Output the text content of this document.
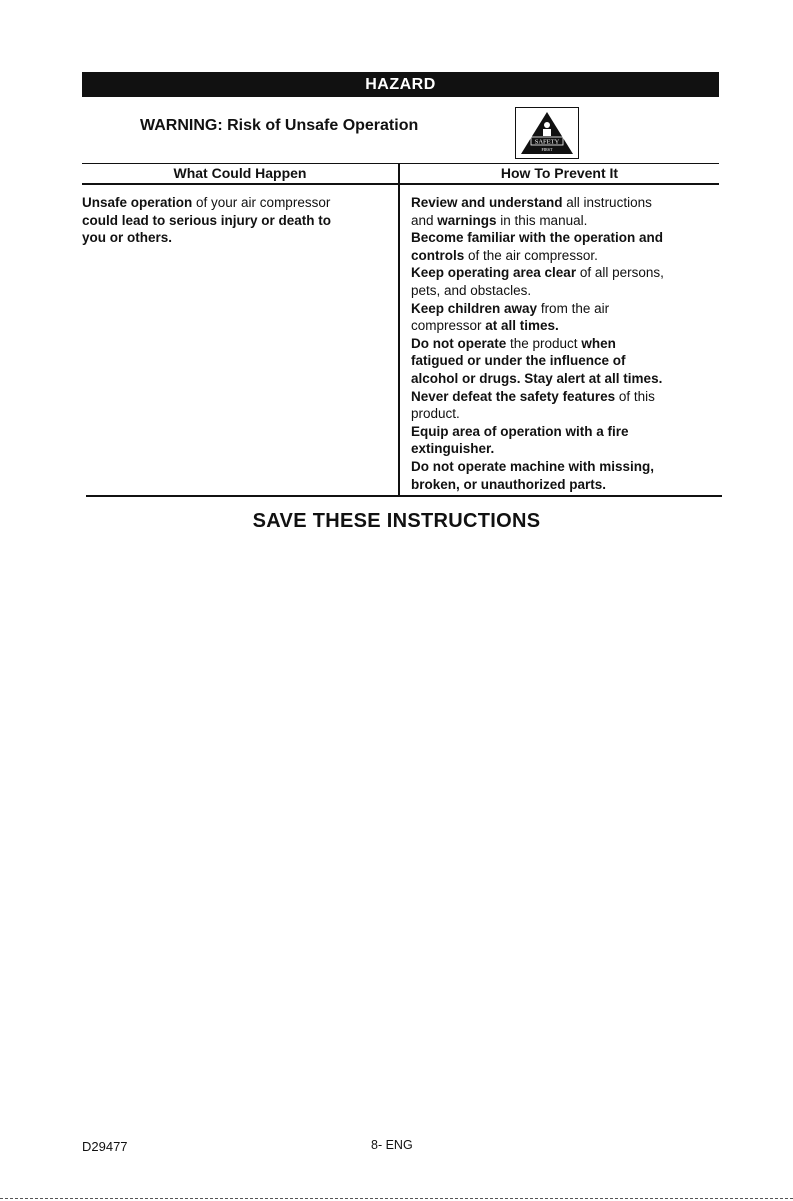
HAZARD
WARNING: Risk of Unsafe Operation
SAFETY
FIRST
What Could Happen	How To Prevent It
Unsafe operation of your air compressor
could lead to serious injury or death to
you or others.
Review and understand all instructions
and warnings in this manual.
Become familiar with the operation and
controls of the air compressor.
Keep operating area clear of all persons,
pets, and obstacles.
Keep children away from the air
compressor at all times.
Do not operate the product when
fatigued or under the influence of
alcohol or drugs. Stay alert at all times.
Never defeat the safety features of this
product.
Equip area of operation with a fire
extinguisher.
Do not operate machine with missing,
broken, or unauthorized parts.
SAVE THESE INSTRUCTIONS
D29477	8- ENG
